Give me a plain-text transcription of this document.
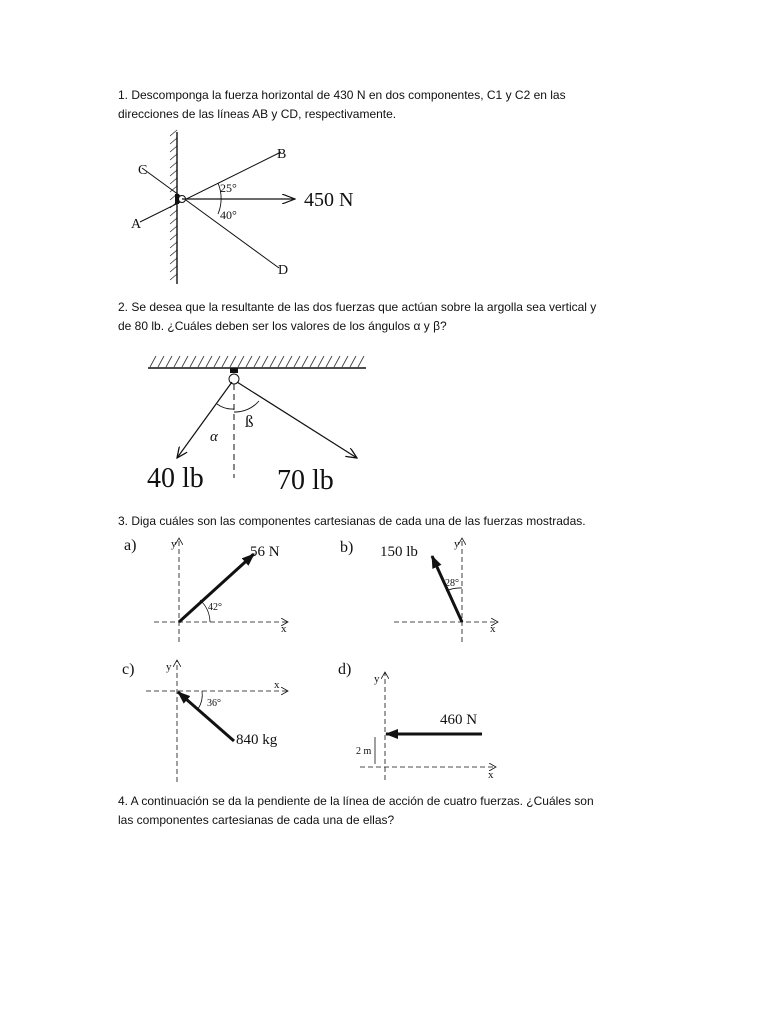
1. Descomponga la fuerza horizontal de 430 N en dos componentes, C1 y C2 en las
direcciones de las líneas AB y CD, respectivamente.
C
A
B
D
25°
40°
450 N
2. Se desea que la resultante de las dos fuerzas que actúan sobre la argolla sea vertical y
de 80 lb. ¿Cuáles deben ser los valores de los ángulos α y β?
α
ß
40 lb	70 lb
3. Diga cuáles son las componentes cartesianas de cada una de las fuerzas mostradas.
a)	y
x
56 N
42°
b)	y
x
150 lb
28°
c)	y
x
840 kg
36°
d)
y
x
460 N
2 m
4. A continuación se da la pendiente de la línea de acción de cuatro fuerzas. ¿Cuáles son
las componentes cartesianas de cada una de ellas?
